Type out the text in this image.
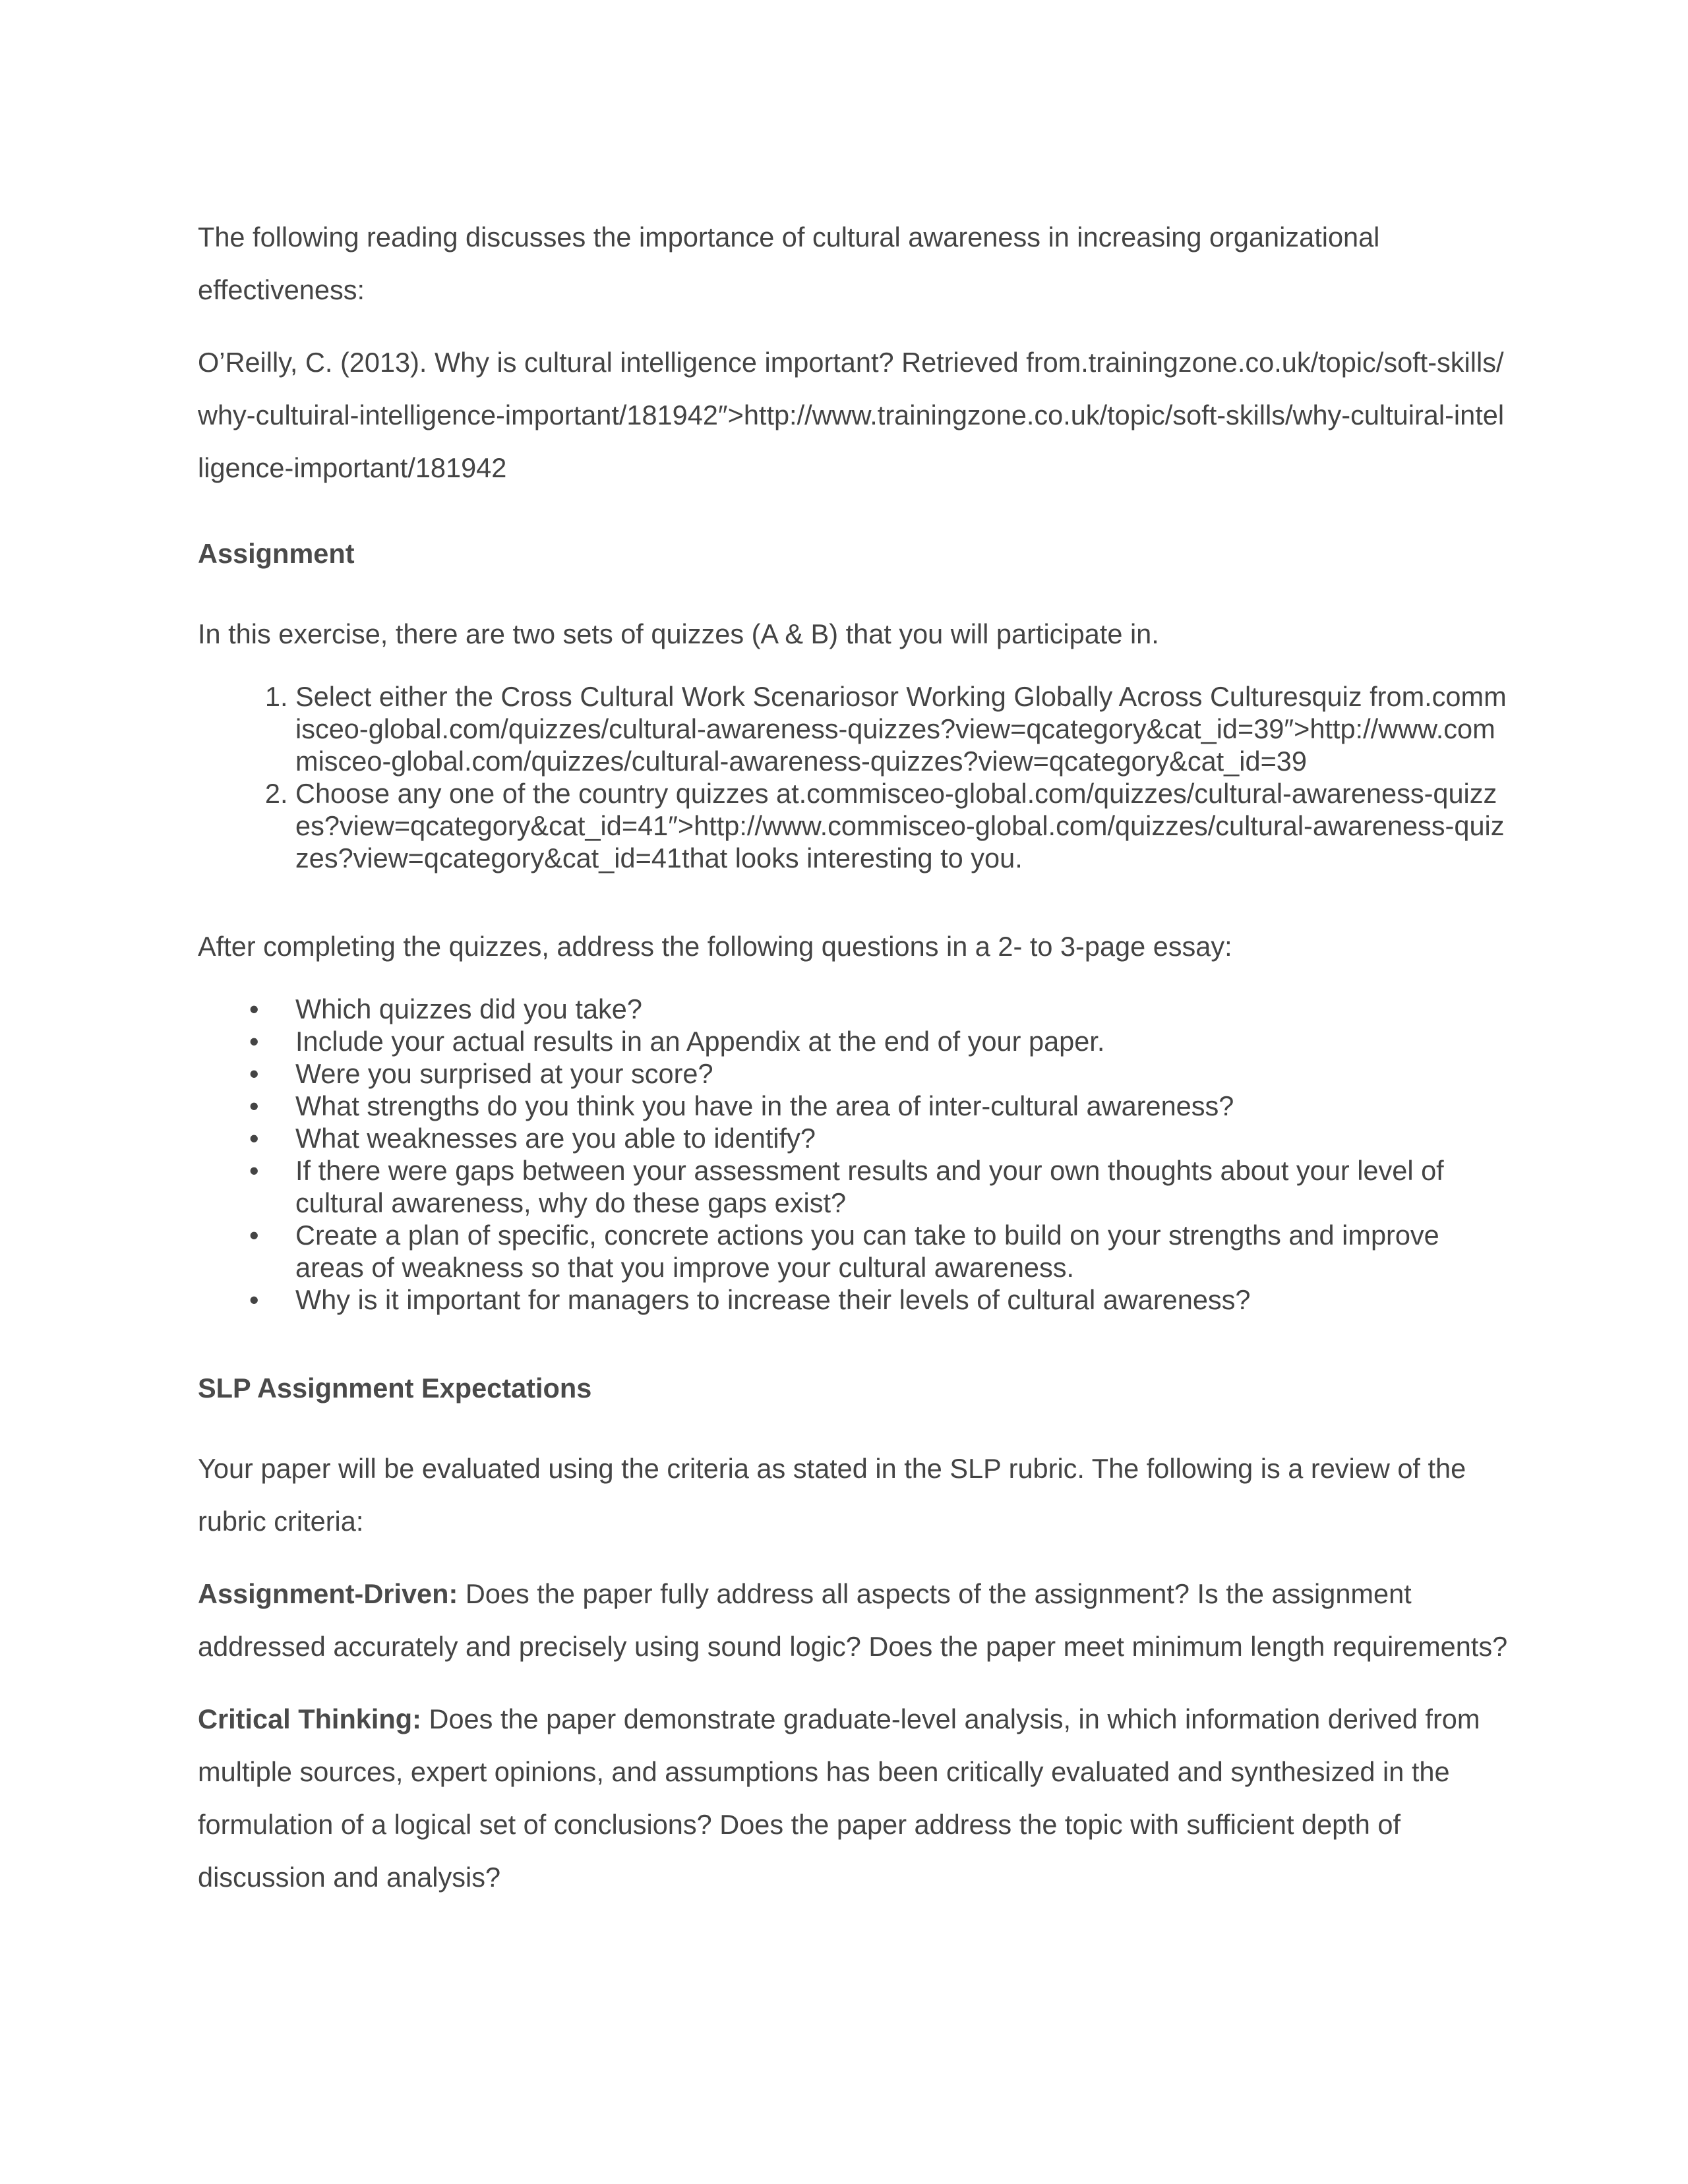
The following reading discusses the importance of cultural awareness in increasing organizational effectiveness:

O’Reilly, C. (2013). Why is cultural intelligence important? Retrieved from.trainingzone.co.uk/topic/soft-skills/why-cultuiral-intelligence-important/181942″>http://www.trainingzone.co.uk/topic/soft-skills/why-cultuiral-intelligence-important/181942

Assignment

In this exercise, there are two sets of quizzes (A & B) that you will participate in.

1. Select either the Cross Cultural Work Scenariosor Working Globally Across Culturesquiz from.commisceo-global.com/quizzes/cultural-awareness-quizzes?view=qcategory&cat_id=39″>http://www.commisceo-global.com/quizzes/cultural-awareness-quizzes?view=qcategory&cat_id=39
2. Choose any one of the country quizzes at.commisceo-global.com/quizzes/cultural-awareness-quizzes?view=qcategory&cat_id=41″>http://www.commisceo-global.com/quizzes/cultural-awareness-quizzes?view=qcategory&cat_id=41that looks interesting to you.

After completing the quizzes, address the following questions in a 2- to 3-page essay:

• Which quizzes did you take?
• Include your actual results in an Appendix at the end of your paper.
• Were you surprised at your score?
• What strengths do you think you have in the area of inter-cultural awareness?
• What weaknesses are you able to identify?
• If there were gaps between your assessment results and your own thoughts about your level of cultural awareness, why do these gaps exist?
• Create a plan of specific, concrete actions you can take to build on your strengths and improve areas of weakness so that you improve your cultural awareness.
• Why is it important for managers to increase their levels of cultural awareness?
SLP Assignment Expectations

Your paper will be evaluated using the criteria as stated in the SLP rubric. The following is a review of the rubric criteria:

Assignment-Driven: Does the paper fully address all aspects of the assignment? Is the assignment addressed accurately and precisely using sound logic? Does the paper meet minimum length requirements?

Critical Thinking: Does the paper demonstrate graduate-level analysis, in which information derived from multiple sources, expert opinions, and assumptions has been critically evaluated and synthesized in the formulation of a logical set of conclusions? Does the paper address the topic with sufficient depth of discussion and analysis?
